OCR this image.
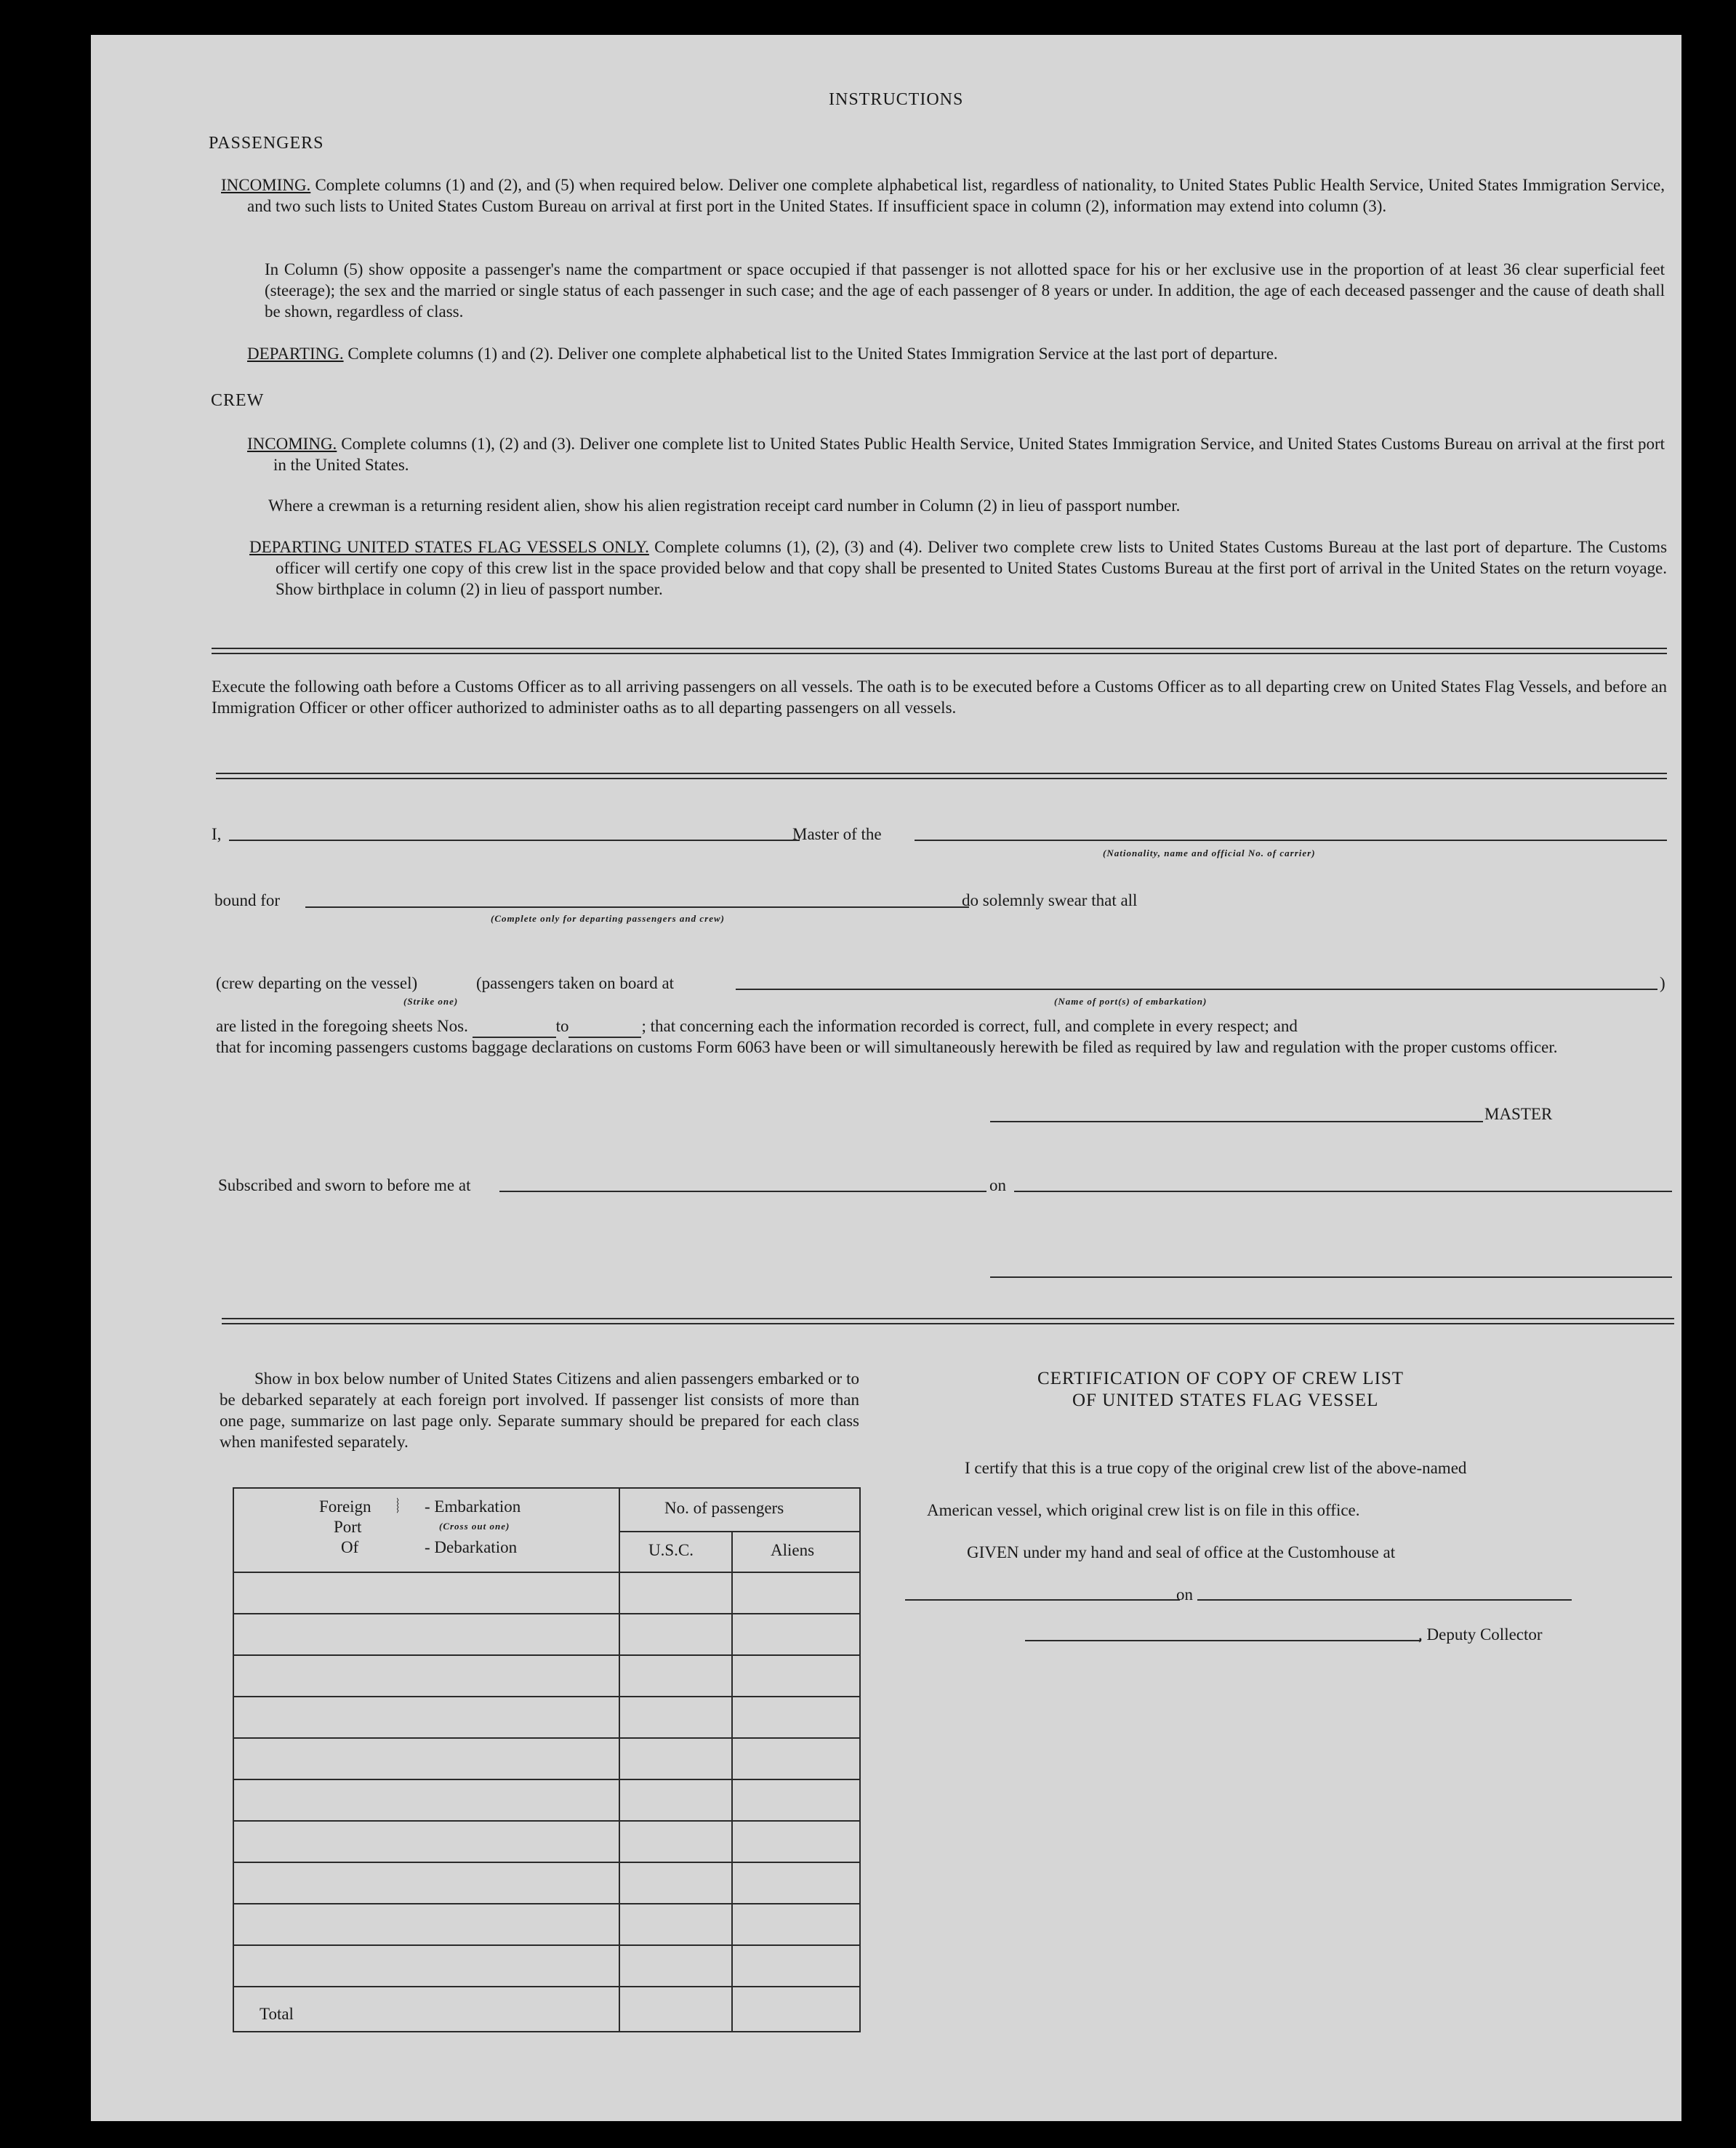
INSTRUCTIONS
PASSENGERS
INCOMING. Complete columns (1) and (2), and (5) when required below. Deliver one complete alphabetical list, regardless of nationality, to United States Public Health Service, United States Immigration Service, and two such lists to United States Custom Bureau on arrival at first port in the United States. If insufficient space in column (2), information may extend into column (3).
In Column (5) show opposite a passenger's name the compartment or space occupied if that passenger is not allotted space for his or her exclusive use in the proportion of at least 36 clear superficial feet (steerage); the sex and the married or single status of each passenger in such case; and the age of each passenger of 8 years or under. In addition, the age of each deceased passenger and the cause of death shall be shown, regardless of class.
DEPARTING. Complete columns (1) and (2). Deliver one complete alphabetical list to the United States Immigration Service at the last port of departure.
CREW
INCOMING. Complete columns (1), (2) and (3). Deliver one complete list to United States Public Health Service, United States Immigration Service, and United States Customs Bureau on arrival at the first port in the United States.
Where a crewman is a returning resident alien, show his alien registration receipt card number in Column (2) in lieu of passport number.
DEPARTING UNITED STATES FLAG VESSELS ONLY. Complete columns (1), (2), (3) and (4). Deliver two complete crew lists to United States Customs Bureau at the last port of departure. The Customs officer will certify one copy of this crew list in the space provided below and that copy shall be presented to United States Customs Bureau at the first port of arrival in the United States on the return voyage. Show birthplace in column (2) in lieu of passport number.
Execute the following oath before a Customs Officer as to all arriving passengers on all vessels. The oath is to be executed before a Customs Officer as to all departing crew on United States Flag Vessels, and before an Immigration Officer or other officer authorized to administer oaths as to all departing passengers on all vessels.
I,	Master of the
(Nationality, name and official No. of carrier)
bound for	do solemnly swear that all
(Complete only for departing passengers and crew)
(crew departing on the vessel)	(passengers taken on board at	)
(Strike one)	(Name of port(s) of embarkation)
are listed in the foregoing sheets Nos.	to	; that concerning each the information recorded is correct, full, and complete in every respect; and
that for incoming passengers customs baggage declarations on customs Form 6063 have been or will simultaneously herewith be filed as required by law and regulation with the proper customs officer.
MASTER
Subscribed and sworn to before me at	on
Show in box below number of United States Citizens and alien passengers embarked or to be debarked separately at each foreign port involved. If passenger list consists of more than one page, summarize on last page only. Separate summary should be prepared for each class when manifested separately.
Foreign
Port
Of
⧘ - Embarkation
(Cross out one)
- Debarkation
No. of passengers
U.S.C.	Aliens
Total
CERTIFICATION OF COPY OF CREW LIST
OF UNITED STATES FLAG VESSEL
I certify that this is a true copy of the original crew list of the above-named
American vessel, which original crew list is on file in this office.
GIVEN under my hand and seal of office at the Customhouse at
on
, Deputy Collector
